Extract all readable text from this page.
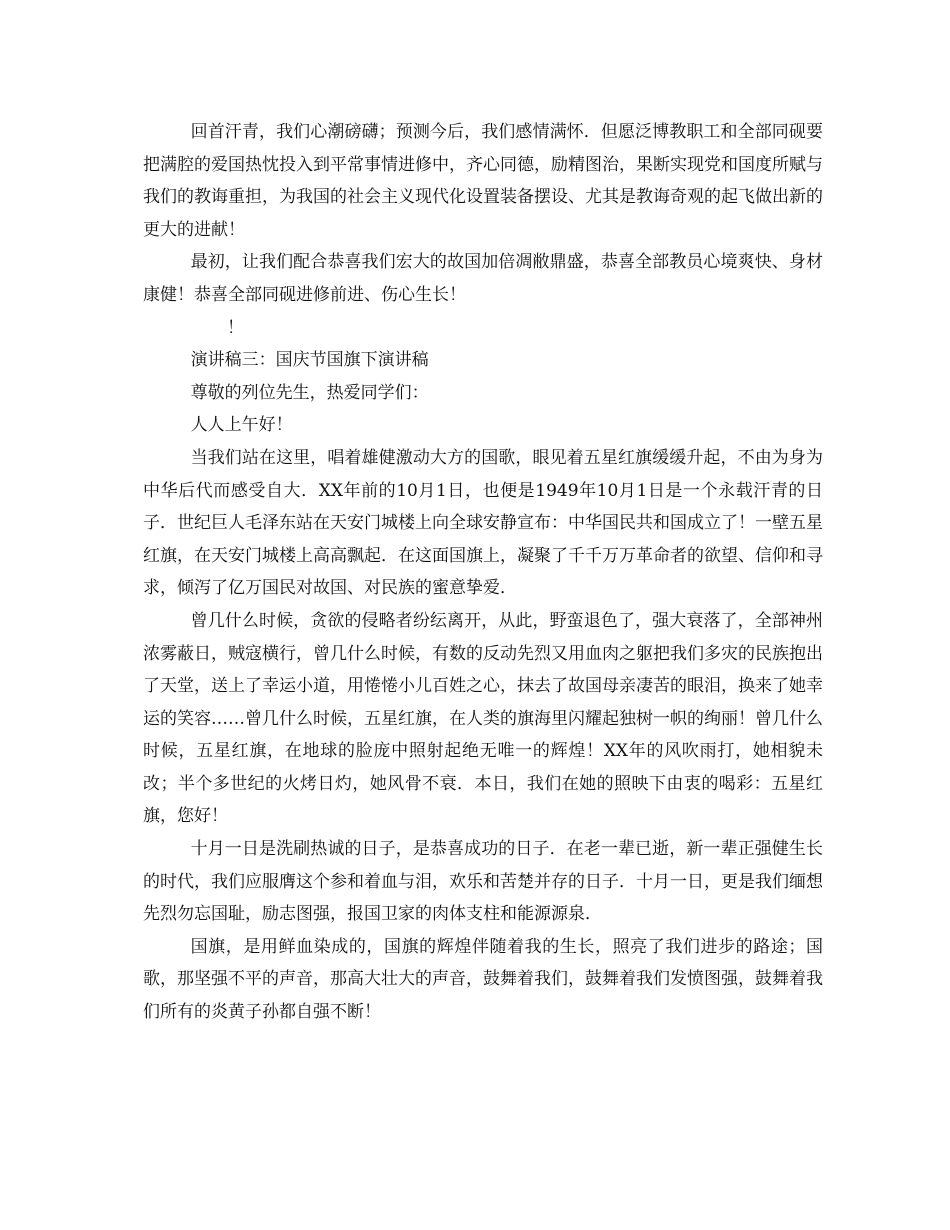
回首汗青，我们心潮磅礴；预测今后，我们感情满怀．但愿泛博教职工和全部同砚要把满腔的爱国热忱投入到平常事情进修中，齐心同德，励精图治，果断实现党和国度所赋与我们的教诲重担，为我国的社会主义现代化设置装备摆设、尤其是教诲奇观的起飞做出新的更大的进献！

最初，让我们配合恭喜我们宏大的故国加倍凋敝鼎盛，恭喜全部教员心境爽快、身材康健！恭喜全部同砚进修前进、伤心生长！

！

演讲稿三：国庆节国旗下演讲稿

尊敬的列位先生，热爱同学们：

人人上午好！

当我们站在这里，唱着雄健激动大方的国歌，眼见着五星红旗缓缓升起，不由为身为中华后代而感受自大．XX年前的10月1日，也便是1949年10月1日是一个永载汗青的日子．世纪巨人毛泽东站在天安门城楼上向全球安静宣布：中华国民共和国成立了！一壁五星红旗，在天安门城楼上高高飘起．在这面国旗上，凝聚了千千万万革命者的欲望、信仰和寻求，倾泻了亿万国民对故国、对民族的蜜意挚爱．

曾几什么时候，贪欲的侵略者纷纭离开，从此，野蛮退色了，强大衰落了，全部神州浓雾蔽日，贼寇横行，曾几什么时候，有数的反动先烈又用血肉之躯把我们多灾的民族抱出了天堂，送上了幸运小道，用惓惓小儿百姓之心，抹去了故国母亲凄苦的眼泪，换来了她幸运的笑容……曾几什么时候，五星红旗，在人类的旗海里闪耀起独树一帜的绚丽！曾几什么时候，五星红旗，在地球的脸庞中照射起绝无唯一的辉煌！XX年的风吹雨打，她相貌未改；半个多世纪的火烤日灼，她风骨不衰．本日，我们在她的照映下由衷的喝彩：五星红旗，您好！

十月一日是洗刷热诚的日子，是恭喜成功的日子．在老一辈已逝，新一辈正强健生长的时代，我们应服膺这个参和着血与泪，欢乐和苦楚并存的日子．十月一日，更是我们缅想先烈勿忘国耻，励志图强，报国卫家的肉体支柱和能源源泉．

国旗，是用鲜血染成的，国旗的辉煌伴随着我的生长，照亮了我们进步的路途；国歌，那坚强不平的声音，那高大壮大的声音，鼓舞着我们，鼓舞着我们发愤图强，鼓舞着我们所有的炎黄子孙都自强不断！
